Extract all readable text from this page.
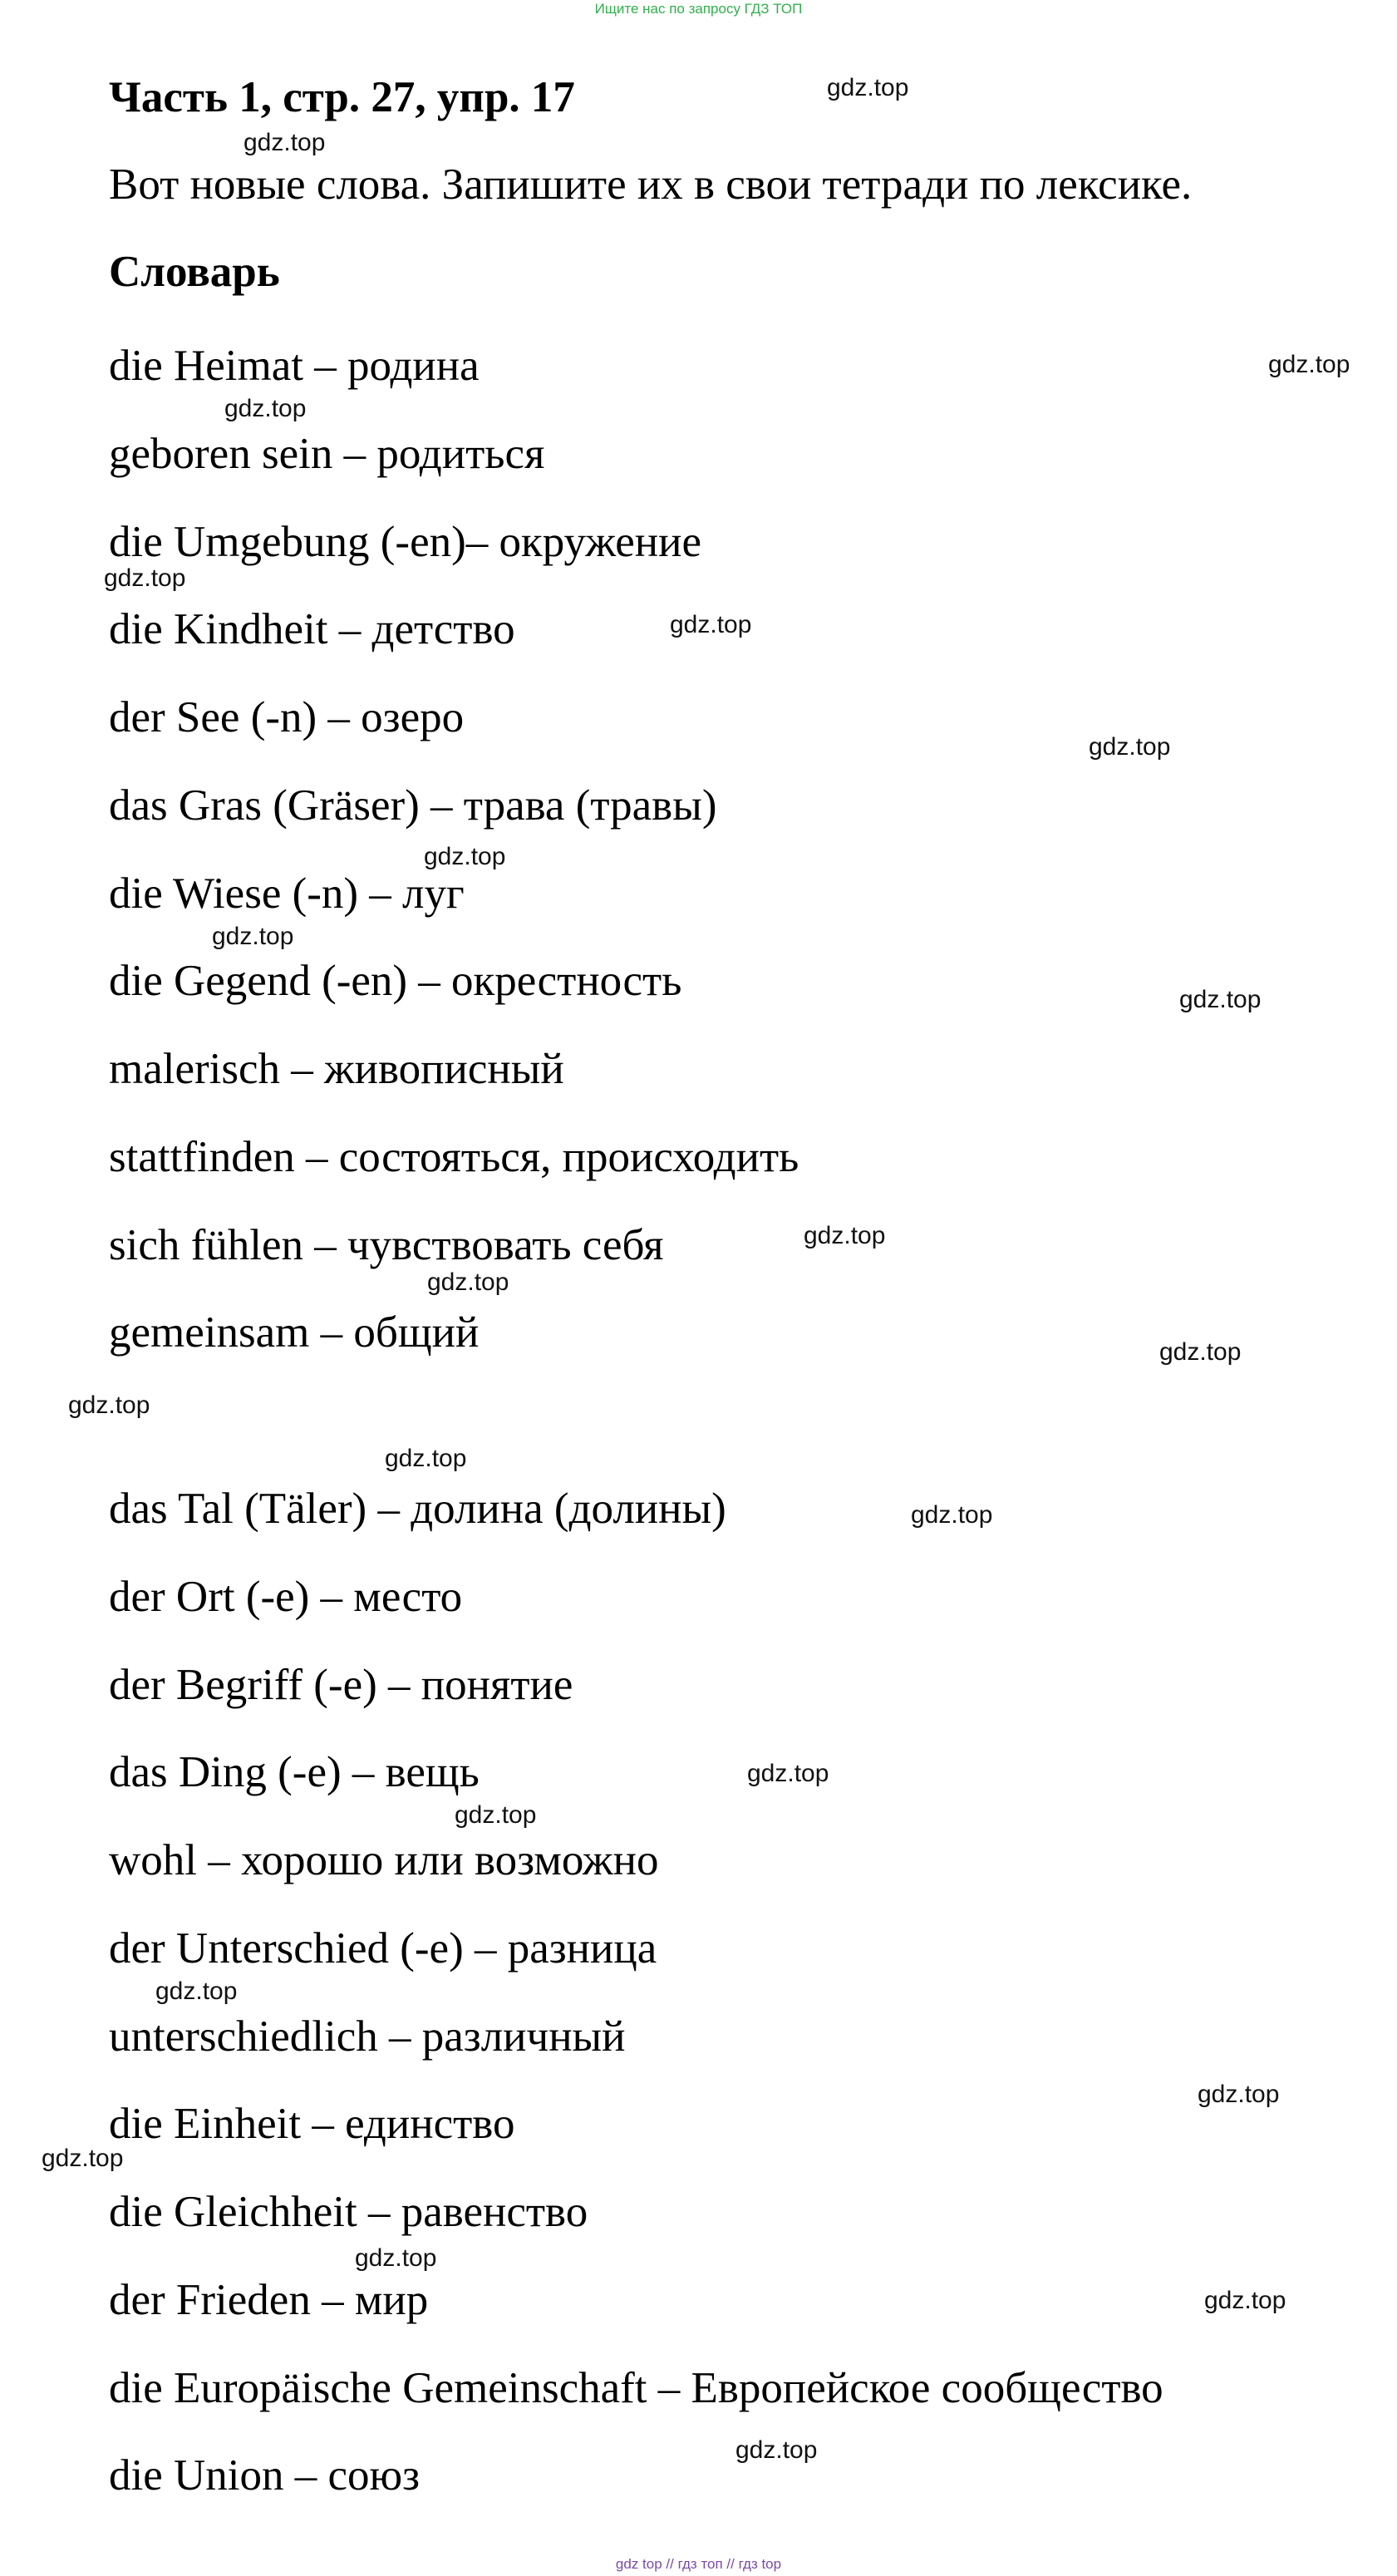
Ищите нас по запросу ГДЗ ТОП
Часть 1, стр. 27, упр. 17
Вот новые слова. Запишите их в свои тетради по лексике.
Словарь
die Heimat – родина
geboren sein – родиться
die Umgebung (-en)– окружение
die Kindheit – детство
der See (-n) – озеро
das Gras (Gräser) – трава (травы)
die Wiese (-n) – луг
die Gegend (-en) – окрестность
malerisch – живописный
stattfinden – состояться, происходить
sich fühlen – чувствовать себя
gemeinsam – общий
das Tal (Täler) – долина (долины)
der Ort (-e) – место
der Begriff (-e) – понятие
das Ding (-e) – вещь
wohl – хорошо или возможно
der Unterschied (-e) – разница
unterschiedlich – различный
die Einheit – единство
die Gleichheit – равенство
der Frieden – мир
die Europäische Gemeinschaft – Европейское сообщество
die Union – союз
gdz.top
gdz.top
gdz.top
gdz.top
gdz.top
gdz.top
gdz.top
gdz.top
gdz.top
gdz.top
gdz.top
gdz.top
gdz.top
gdz.top
gdz.top
gdz.top
gdz.top
gdz.top
gdz.top
gdz.top
gdz.top
gdz.top
gdz.top
gdz.top
gdz top // гдз топ // гдз top
